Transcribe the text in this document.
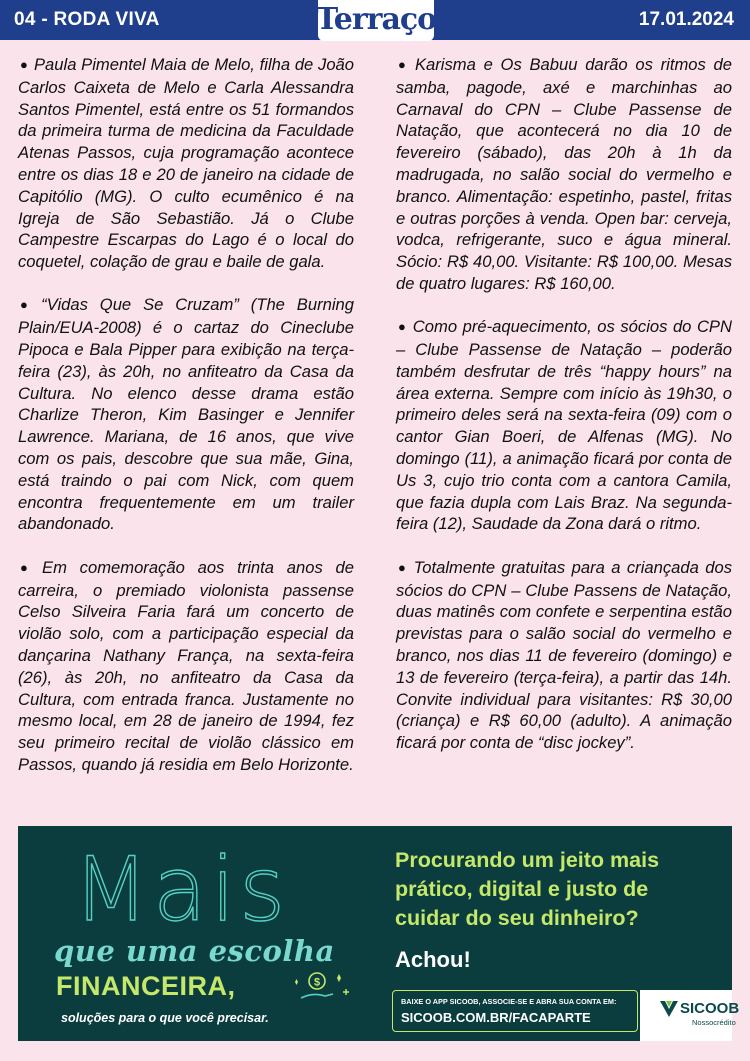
04 - RODA VIVA	Terraço	17.01.2024

● Paula Pimentel Maia de Melo, filha de João Carlos Caixeta de Melo e Carla Alessandra Santos Pimentel, está entre os 51 formandos da primeira turma de medicina da Faculdade Atenas Passos, cuja programação acontece entre os dias 18 e 20 de janeiro na cidade de Capitólio (MG). O culto ecumênico é na Igreja de São Sebastião. Já o Clube Campestre Escarpas do Lago é o local do coquetel, colação de grau e baile de gala.

● “Vidas Que Se Cruzam” (The Burning Plain/EUA-2008) é o cartaz do Cineclube Pipoca e Bala Pipper para exibição na terça-feira (23), às 20h, no anfiteatro da Casa da Cultura. No elenco desse drama estão Charlize Theron, Kim Basinger e Jennifer Lawrence. Mariana, de 16 anos, que vive com os pais, descobre que sua mãe, Gina, está traindo o pai com Nick, com quem encontra frequentemente em um trailer abandonado.

● Em comemoração aos trinta anos de carreira, o premiado violonista passense Celso Silveira Faria fará um concerto de violão solo, com a participação especial da dançarina Nathany França, na sexta-feira (26), às 20h, no anfiteatro da Casa da Cultura, com entrada franca. Justamente no mesmo local, em 28 de janeiro de 1994, fez seu primeiro recital de violão clássico em Passos, quando já residia em Belo Horizonte.

● Karisma e Os Babuu darão os ritmos de samba, pagode, axé e marchinhas ao Carnaval do CPN – Clube Passense de Natação, que acontecerá no dia 10 de fevereiro (sábado), das 20h à 1h da madrugada, no salão social do vermelho e branco. Alimentação: espetinho, pastel, fritas e outras porções à venda. Open bar: cerveja, vodca, refrigerante, suco e água mineral. Sócio: R$ 40,00. Visitante: R$ 100,00. Mesas de quatro lugares: R$ 160,00.

● Como pré-aquecimento, os sócios do CPN – Clube Passense de Natação – poderão também desfrutar de três “happy hours” na área externa. Sempre com início às 19h30, o primeiro deles será na sexta-feira (09) com o cantor Gian Boeri, de Alfenas (MG). No domingo (11), a animação ficará por conta de Us 3, cujo trio conta com a cantora Camila, que fazia dupla com Lais Braz. Na segunda-feira (12), Saudade da Zona dará o ritmo.

● Totalmente gratuitas para a criançada dos sócios do CPN – Clube Passens de Natação, duas matinês com confete e serpentina estão previstas para o salão social do vermelho e branco, nos dias 11 de fevereiro (domingo) e 13 de fevereiro (terça-feira), a partir das 14h. Convite individual para visitantes: R$ 30,00 (criança) e R$ 60,00 (adulto). A animação ficará por conta de “disc jockey”.

Mais
que uma escolha
FINANCEIRA,	$
soluções para o que você precisar.
Procurando um jeito mais prático, digital e justo de cuidar do seu dinheiro?
Achou!
BAIXE O APP SICOOB, ASSOCIE-SE E ABRA SUA CONTA EM:
SICOOB.COM.BR/FACAPARTE
SICOOB
Nossocrédito
